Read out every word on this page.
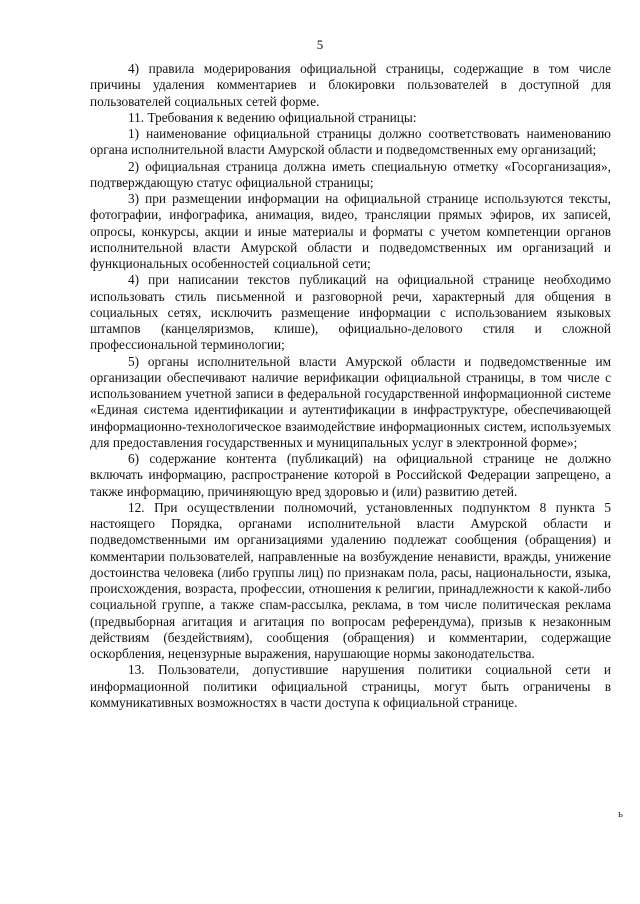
5

4) правила модерирования официальной страницы, содержащие в том числе причины удаления комментариев и блокировки пользователей в доступной для пользователей социальных сетей форме.

11. Требования к ведению официальной страницы:

1) наименование официальной страницы должно соответствовать наименованию органа исполнительной власти Амурской области и подведомственных ему организаций;

2) официальная страница должна иметь специальную отметку «Госорганизация», подтверждающую статус официальной страницы;

3) при размещении информации на официальной странице используются тексты, фотографии, инфографика, анимация, видео, трансляции прямых эфиров, их записей, опросы, конкурсы, акции и иные материалы и форматы с учетом компетенции органов исполнительной власти Амурской области и подведомственных им организаций и функциональных особенностей социальной сети;

4) при написании текстов публикаций на официальной странице необходимо использовать стиль письменной и разговорной речи, характерный для общения в социальных сетях, исключить размещение информации с использованием языковых штампов (канцеляризмов, клише), официально-делового стиля и сложной профессиональной терминологии;

5) органы исполнительной власти Амурской области и подведомственные им организации обеспечивают наличие верификации официальной страницы, в том числе с использованием учетной записи в федеральной государственной информационной системе «Единая система идентификации и аутентификации в инфраструктуре, обеспечивающей информационно-технологическое взаимодействие информационных систем, используемых для предоставления государственных и муниципальных услуг в электронной форме»;

6) содержание контента (публикаций) на официальной странице не должно включать информацию, распространение которой в Российской Федерации запрещено, а также информацию, причиняющую вред здоровью и (или) развитию детей.

12. При осуществлении полномочий, установленных подпунктом 8 пункта 5 настоящего Порядка, органами исполнительной власти Амурской области и подведомственными им организациями удалению подлежат сообщения (обращения) и комментарии пользователей, направленные на возбуждение ненависти, вражды, унижение достоинства человека (либо группы лиц) по признакам пола, расы, национальности, языка, происхождения, возраста, профессии, отношения к религии, принадлежности к какой-либо социальной группе, а также спам-рассылка, реклама, в том числе политическая реклама (предвыборная агитация и агитация по вопросам референдума), призыв к незаконным действиям (бездействиям), сообщения (обращения) и комментарии, содержащие оскорбления, нецензурные выражения, нарушающие нормы законодательства.

13. Пользователи, допустившие нарушения политики социальной сети и информационной политики официальной страницы, могут быть ограничены в коммуникативных возможностях в части доступа к официальной странице.

ь
